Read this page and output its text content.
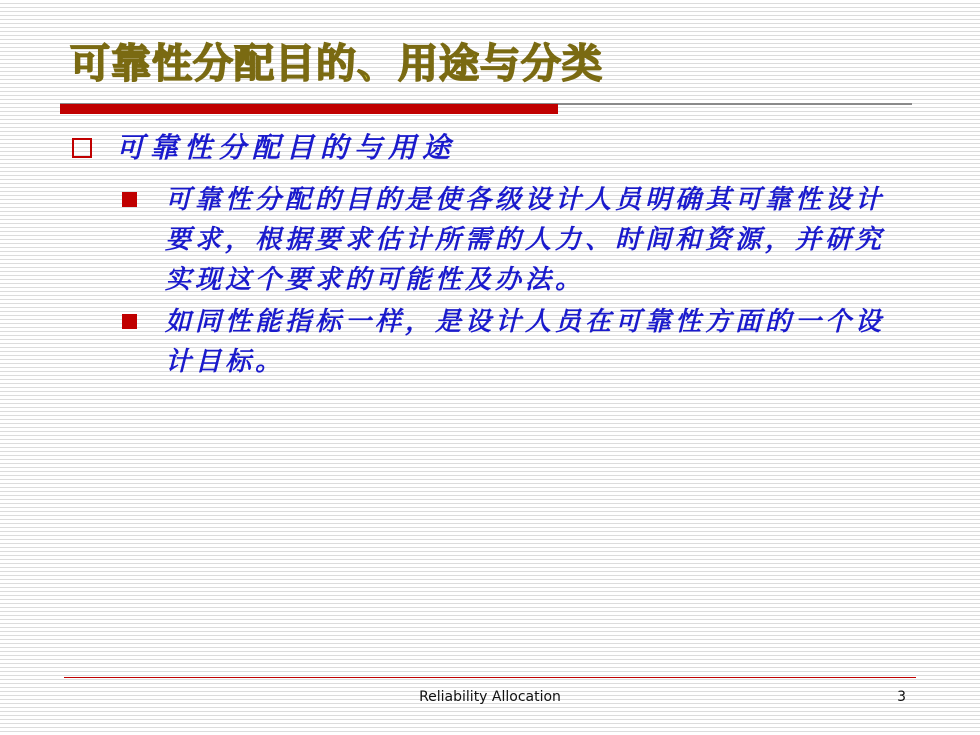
可靠性分配目的、用途与分类
可靠性分配目的与用途

可靠性分配的目的是使各级设计人员明确其可靠性设计要求，根据要求估计所需的人力、时间和资源，并研究实现这个要求的可能性及办法。

如同性能指标一样，是设计人员在可靠性方面的一个设计目标。

Reliability Allocation	3
